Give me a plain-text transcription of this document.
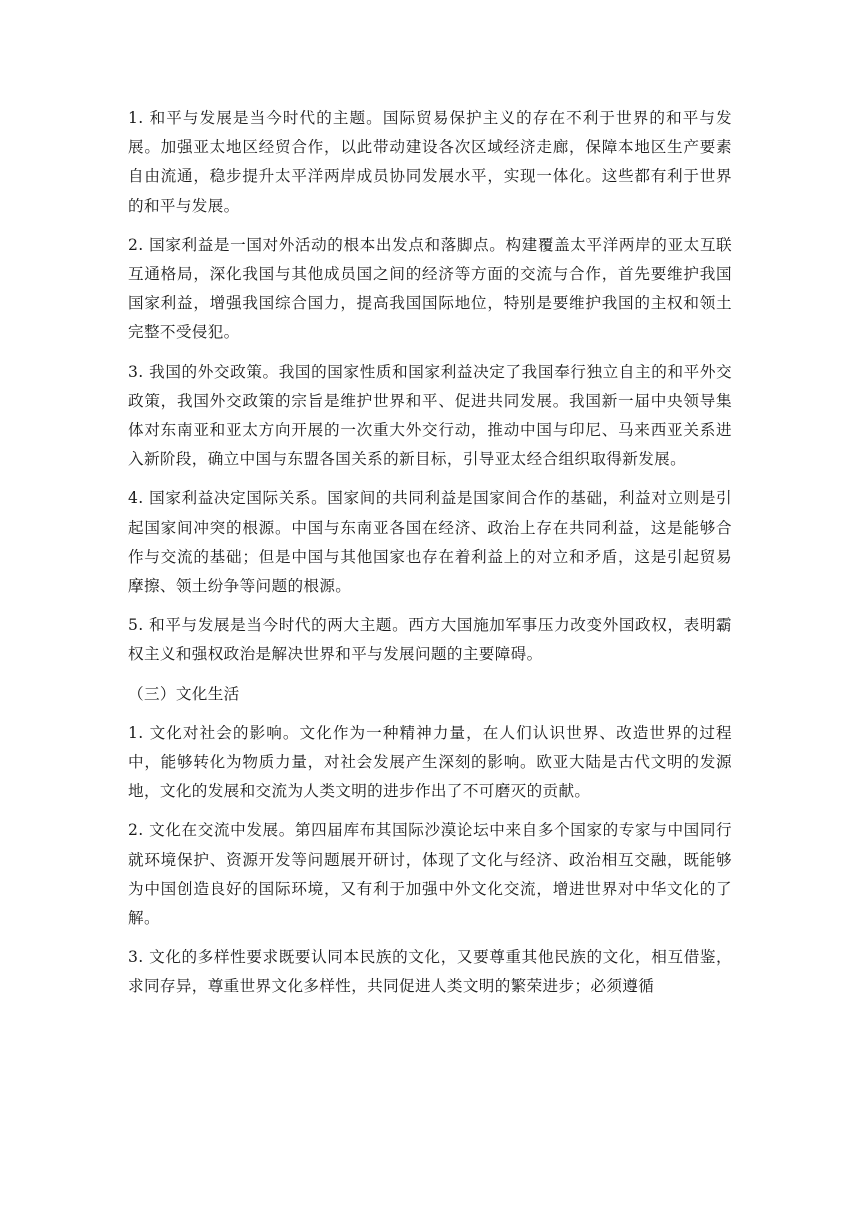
1. 和平与发展是当今时代的主题。国际贸易保护主义的存在不利于世界的和平与发展。加强亚太地区经贸合作，以此带动建设各次区域经济走廊，保障本地区生产要素自由流通，稳步提升太平洋两岸成员协同发展水平，实现一体化。这些都有利于世界的和平与发展。

2. 国家利益是一国对外活动的根本出发点和落脚点。构建覆盖太平洋两岸的亚太互联互通格局，深化我国与其他成员国之间的经济等方面的交流与合作，首先要维护我国国家利益，增强我国综合国力，提高我国国际地位，特别是要维护我国的主权和领土完整不受侵犯。

3. 我国的外交政策。我国的国家性质和国家利益决定了我国奉行独立自主的和平外交政策，我国外交政策的宗旨是维护世界和平、促进共同发展。我国新一届中央领导集体对东南亚和亚太方向开展的一次重大外交行动，推动中国与印尼、马来西亚关系进入新阶段，确立中国与东盟各国关系的新目标，引导亚太经合组织取得新发展。

4. 国家利益决定国际关系。国家间的共同利益是国家间合作的基础，利益对立则是引起国家间冲突的根源。中国与东南亚各国在经济、政治上存在共同利益，这是能够合作与交流的基础；但是中国与其他国家也存在着利益上的对立和矛盾，这是引起贸易摩擦、领土纷争等问题的根源。

5. 和平与发展是当今时代的两大主题。西方大国施加军事压力改变外国政权，表明霸权主义和强权政治是解决世界和平与发展问题的主要障碍。

（三）文化生活

1. 文化对社会的影响。文化作为一种精神力量，在人们认识世界、改造世界的过程中，能够转化为物质力量，对社会发展产生深刻的影响。欧亚大陆是古代文明的发源地，文化的发展和交流为人类文明的进步作出了不可磨灭的贡献。

2. 文化在交流中发展。第四届库布其国际沙漠论坛中来自多个国家的专家与中国同行就环境保护、资源开发等问题展开研讨，体现了文化与经济、政治相互交融，既能够为中国创造良好的国际环境，又有利于加强中外文化交流，增进世界对中华文化的了解。

3. 文化的多样性要求既要认同本民族的文化，又要尊重其他民族的文化，相互借鉴，求同存异，尊重世界文化多样性，共同促进人类文明的繁荣进步；必须遵循
